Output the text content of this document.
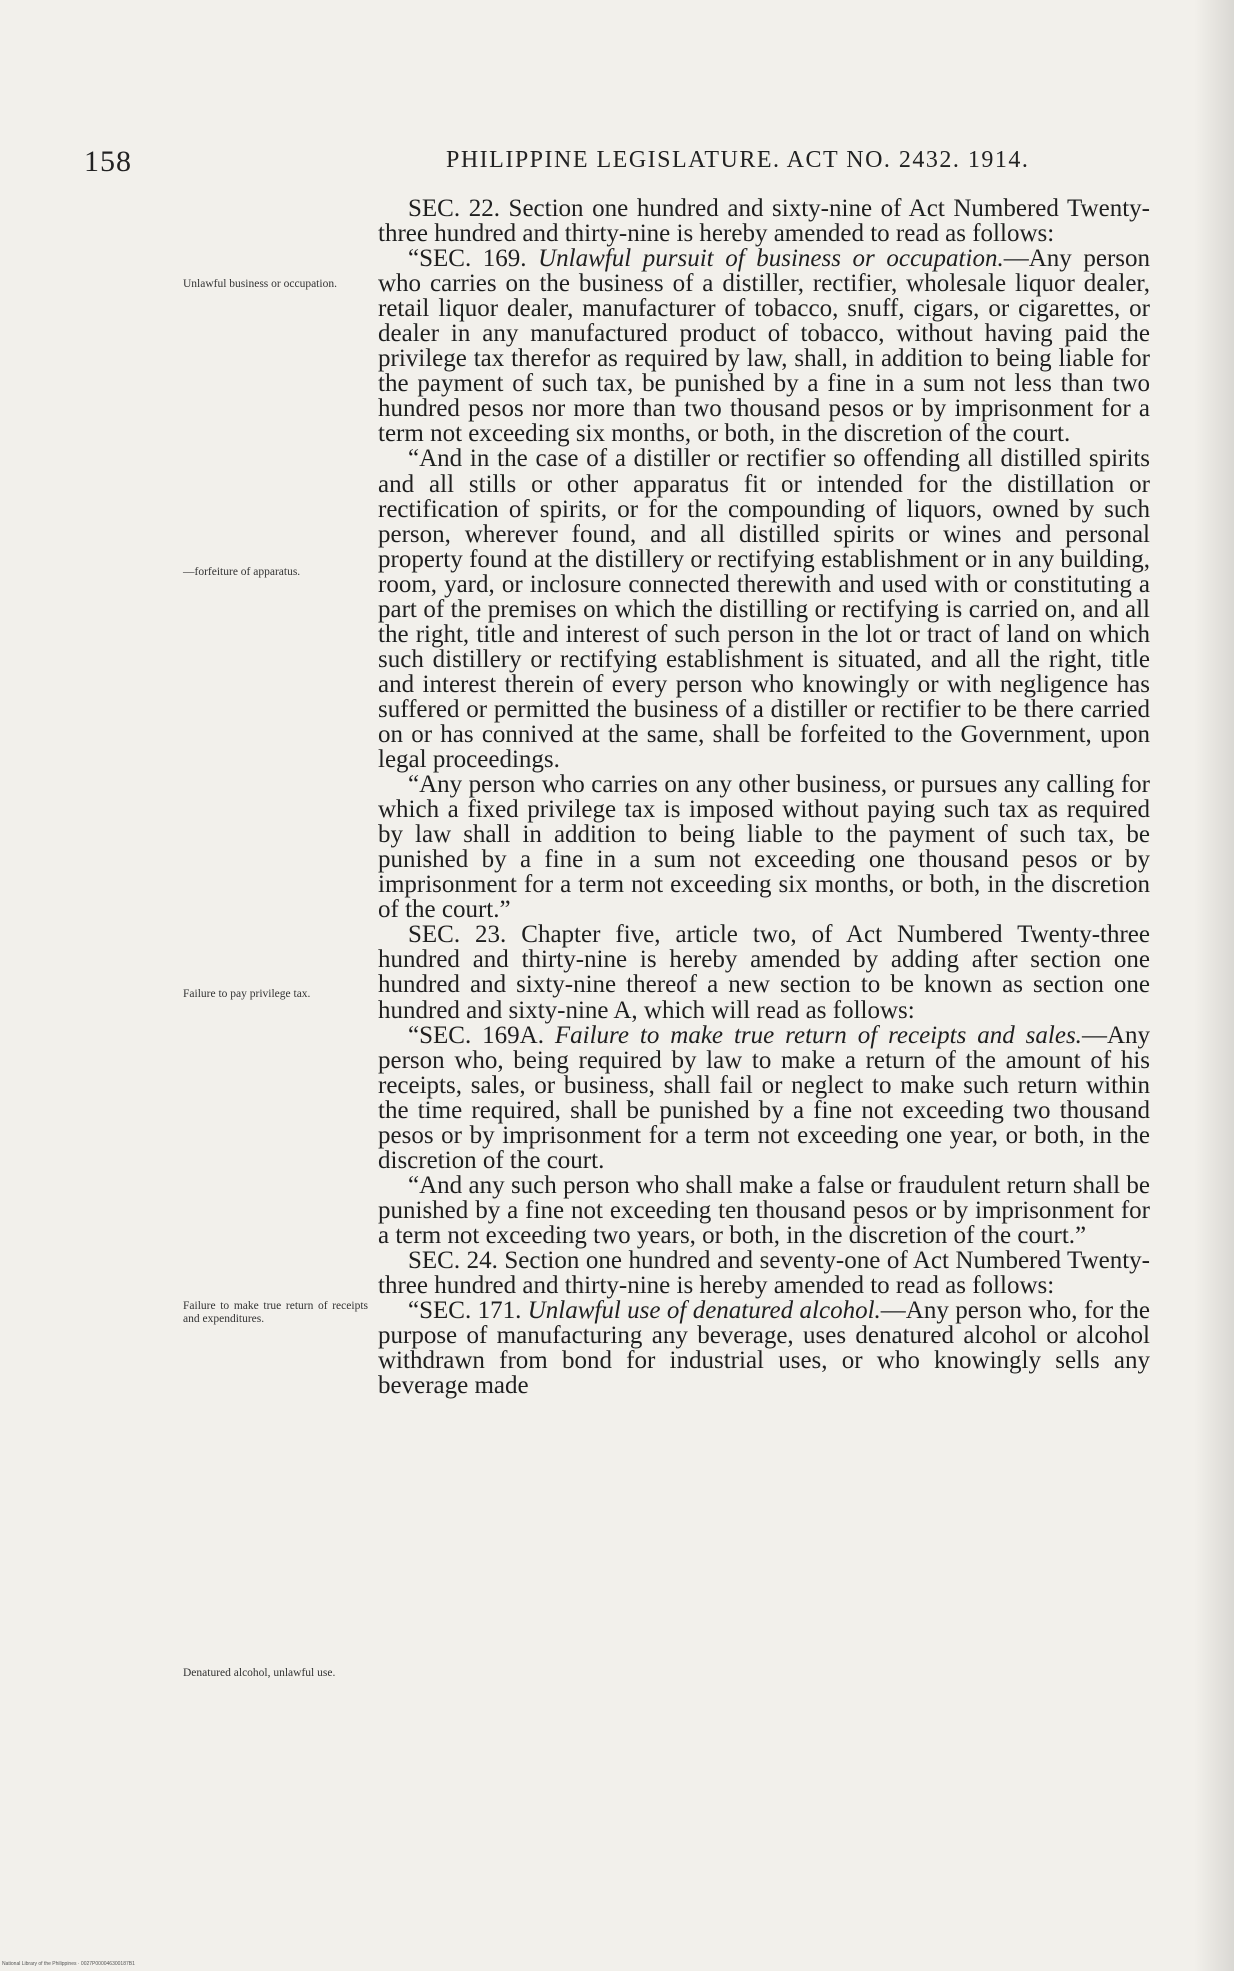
158	PHILIPPINE LEGISLATURE. ACT NO. 2432. 1914.
Unlawful business or occupation.
—forfeiture of apparatus.
Failure to pay privilege tax.
Failure to make true return of receipts and expenditures.
Denatured alcohol, unlawful use.

SEC. 22. Section one hundred and sixty-nine of Act Numbered Twenty-three hundred and thirty-nine is hereby amended to read as follows:

“SEC. 169. Unlawful pursuit of business or occupation.—Any person who carries on the business of a distiller, rectifier, wholesale liquor dealer, retail liquor dealer, manufacturer of tobacco, snuff, cigars, or cigarettes, or dealer in any manufactured product of tobacco, without having paid the privilege tax therefor as required by law, shall, in addition to being liable for the payment of such tax, be punished by a fine in a sum not less than two hundred pesos nor more than two thousand pesos or by imprisonment for a term not exceeding six months, or both, in the discretion of the court.

“And in the case of a distiller or rectifier so offending all distilled spirits and all stills or other apparatus fit or intended for the distillation or rectification of spirits, or for the compounding of liquors, owned by such person, wherever found, and all distilled spirits or wines and personal property found at the distillery or rectifying establishment or in any building, room, yard, or inclosure connected therewith and used with or constituting a part of the premises on which the distilling or rectifying is carried on, and all the right, title and interest of such person in the lot or tract of land on which such distillery or rectifying establishment is situated, and all the right, title and interest therein of every person who knowingly or with negligence has suffered or permitted the business of a distiller or rectifier to be there carried on or has connived at the same, shall be forfeited to the Government, upon legal proceedings.

“Any person who carries on any other business, or pursues any calling for which a fixed privilege tax is imposed without paying such tax as required by law shall in addition to being liable to the payment of such tax, be punished by a fine in a sum not exceeding one thousand pesos or by imprisonment for a term not exceeding six months, or both, in the discretion of the court.”

SEC. 23. Chapter five, article two, of Act Numbered Twenty-three hundred and thirty-nine is hereby amended by adding after section one hundred and sixty-nine thereof a new section to be known as section one hundred and sixty-nine A, which will read as follows:

“SEC. 169A. Failure to make true return of receipts and sales.—Any person who, being required by law to make a return of the amount of his receipts, sales, or business, shall fail or neglect to make such return within the time required, shall be punished by a fine not exceeding two thousand pesos or by imprisonment for a term not exceeding one year, or both, in the discretion of the court.

“And any such person who shall make a false or fraudulent return shall be punished by a fine not exceeding ten thousand pesos or by imprisonment for a term not exceeding two years, or both, in the discretion of the court.”

SEC. 24. Section one hundred and seventy-one of Act Numbered Twenty-three hundred and thirty-nine is hereby amended to read as follows:

“SEC. 171. Unlawful use of denatured alcohol.—Any person who, for the purpose of manufacturing any beverage, uses denatured alcohol or alcohol withdrawn from bond for industrial uses, or who knowingly sells any beverage made

National Library of the Philippines · 0027P000046300187B1
